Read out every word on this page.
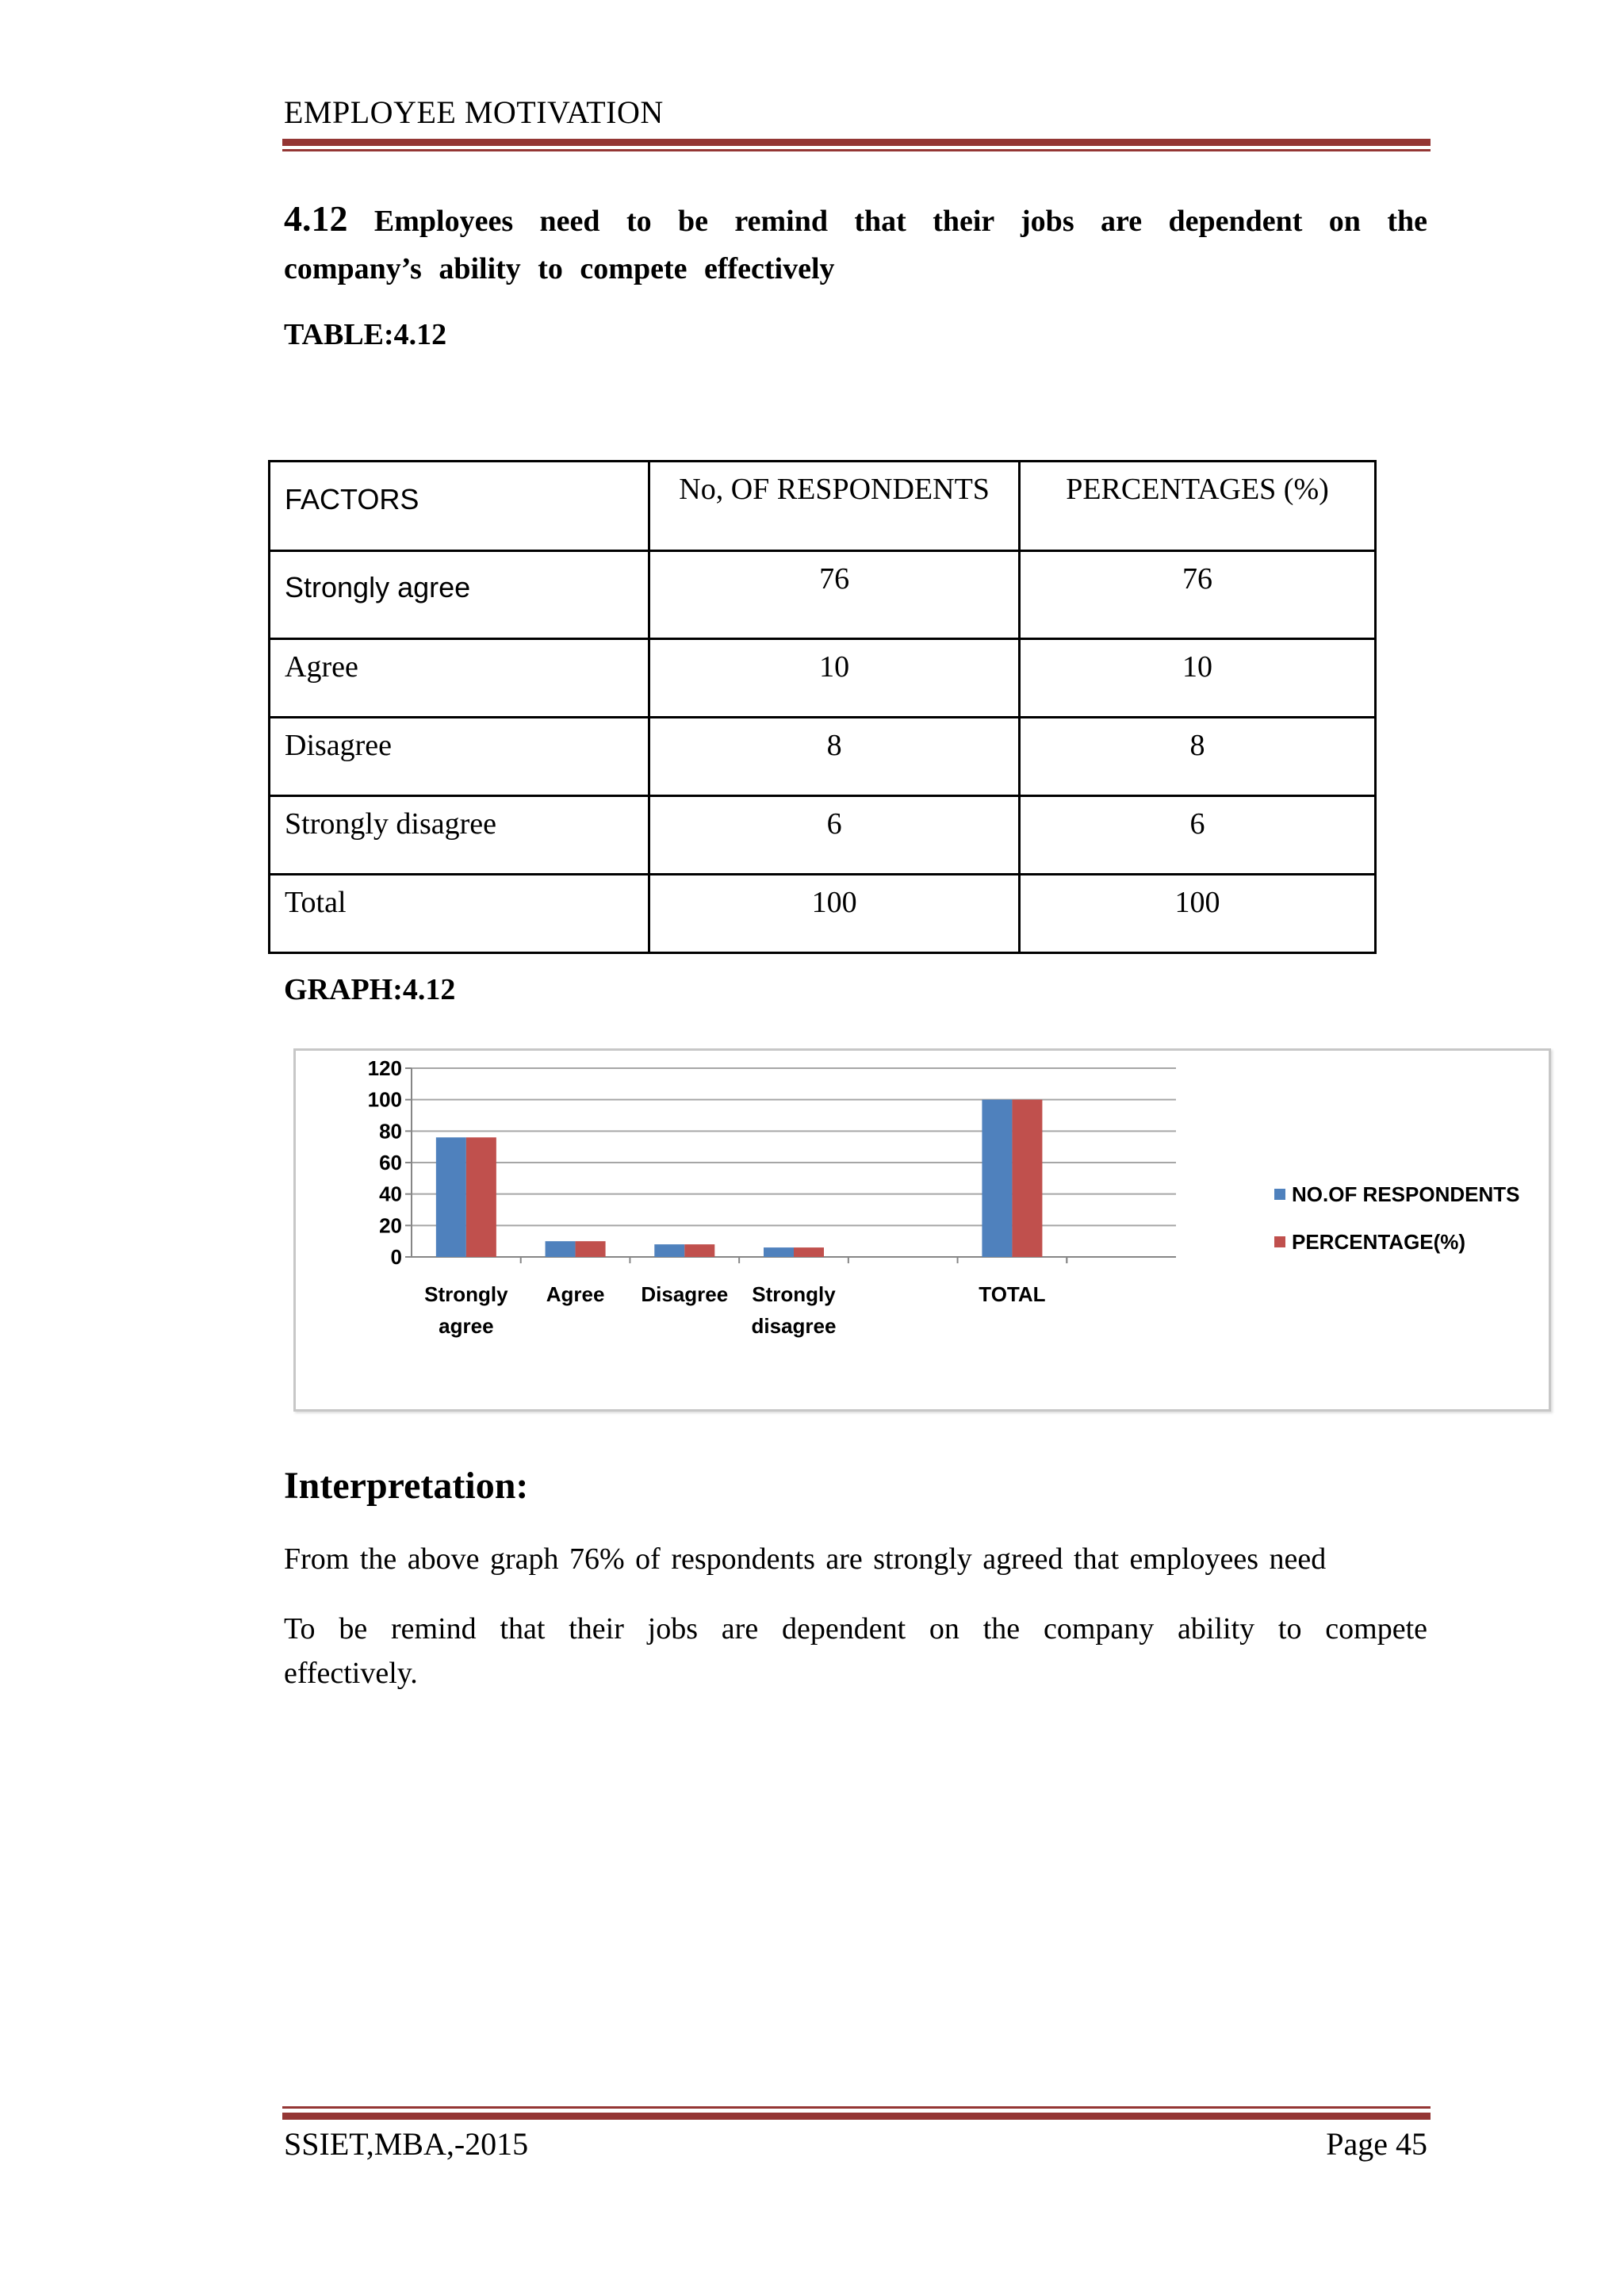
EMPLOYEE MOTIVATION
4.12 Employees need to be remind that their jobs are dependent on the company’s ability to compete effectively
TABLE:4.12
FACTORS	No, OF RESPONDENTS	PERCENTAGES (%)
Strongly agree	76	76
Agree	10	10
Disagree	8	8
Strongly disagree	6	6
Total	100	100
GRAPH:4.12
0
20
40
60
80
100
120
Strongly
agree
Agree Disagree Strongly
disagree
TOTAL
NO.OF RESPONDENTS
PERCENTAGE(%)
Interpretation:
From the above graph 76% of respondents are strongly agreed that employees need
To be remind that their jobs are dependent on the company ability to compete effectively.
SSIET,MBA,-2015	Page 45
